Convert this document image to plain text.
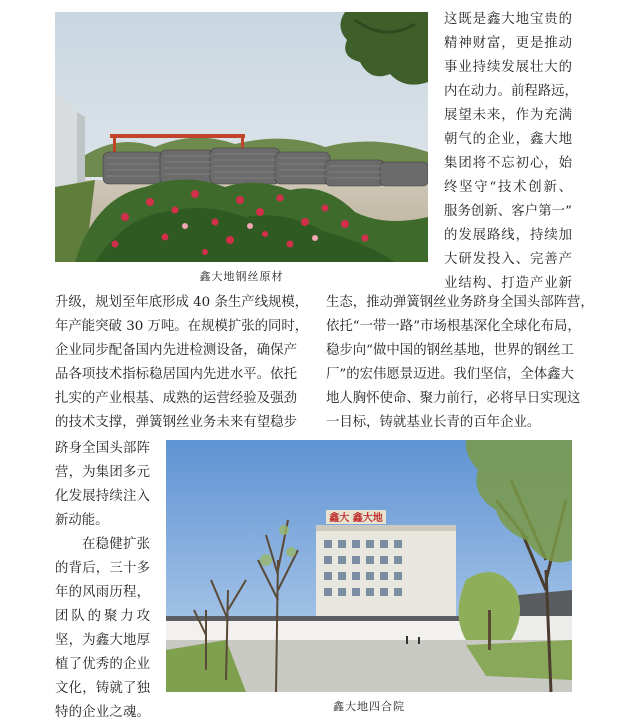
鑫大地钢丝原材
这既是鑫大地宝贵的
精神财富，更是推动
事业持续发展壮大的
内在动力。前程路远，
展望未来，作为充满
朝气的企业，鑫大地
集团将不忘初心，始
终坚守“技术创新、
服务创新、客户第一”
的发展路线，持续加
大研发投入、完善产
业结构、打造产业新
升级，规划至年底形成 40 条生产线规模，
年产能突破 30 万吨。在规模扩张的同时，
企业同步配备国内先进检测设备，确保产
品各项技术指标稳居国内先进水平。依托
扎实的产业根基、成熟的运营经验及强劲
的技术支撑，弹簧钢丝业务未来有望稳步
生态，推动弹簧钢丝业务跻身全国头部阵营，
依托“一带一路”市场根基深化全球化布局，
稳步向“做中国的钢丝基地，世界的钢丝工
厂”的宏伟愿景迈进。我们坚信，全体鑫大
地人胸怀使命、聚力前行，必将早日实现这
一目标，铸就基业长青的百年企业。
跻身全国头部阵
营，为集团多元
化发展持续注入
新动能。
在稳健扩张
的背后，三十多
年的风雨历程，
团队的聚力攻
坚，为鑫大地厚
植了优秀的企业
文化，铸就了独
特的企业之魂。
鑫大 鑫大地
鑫大地四合院
